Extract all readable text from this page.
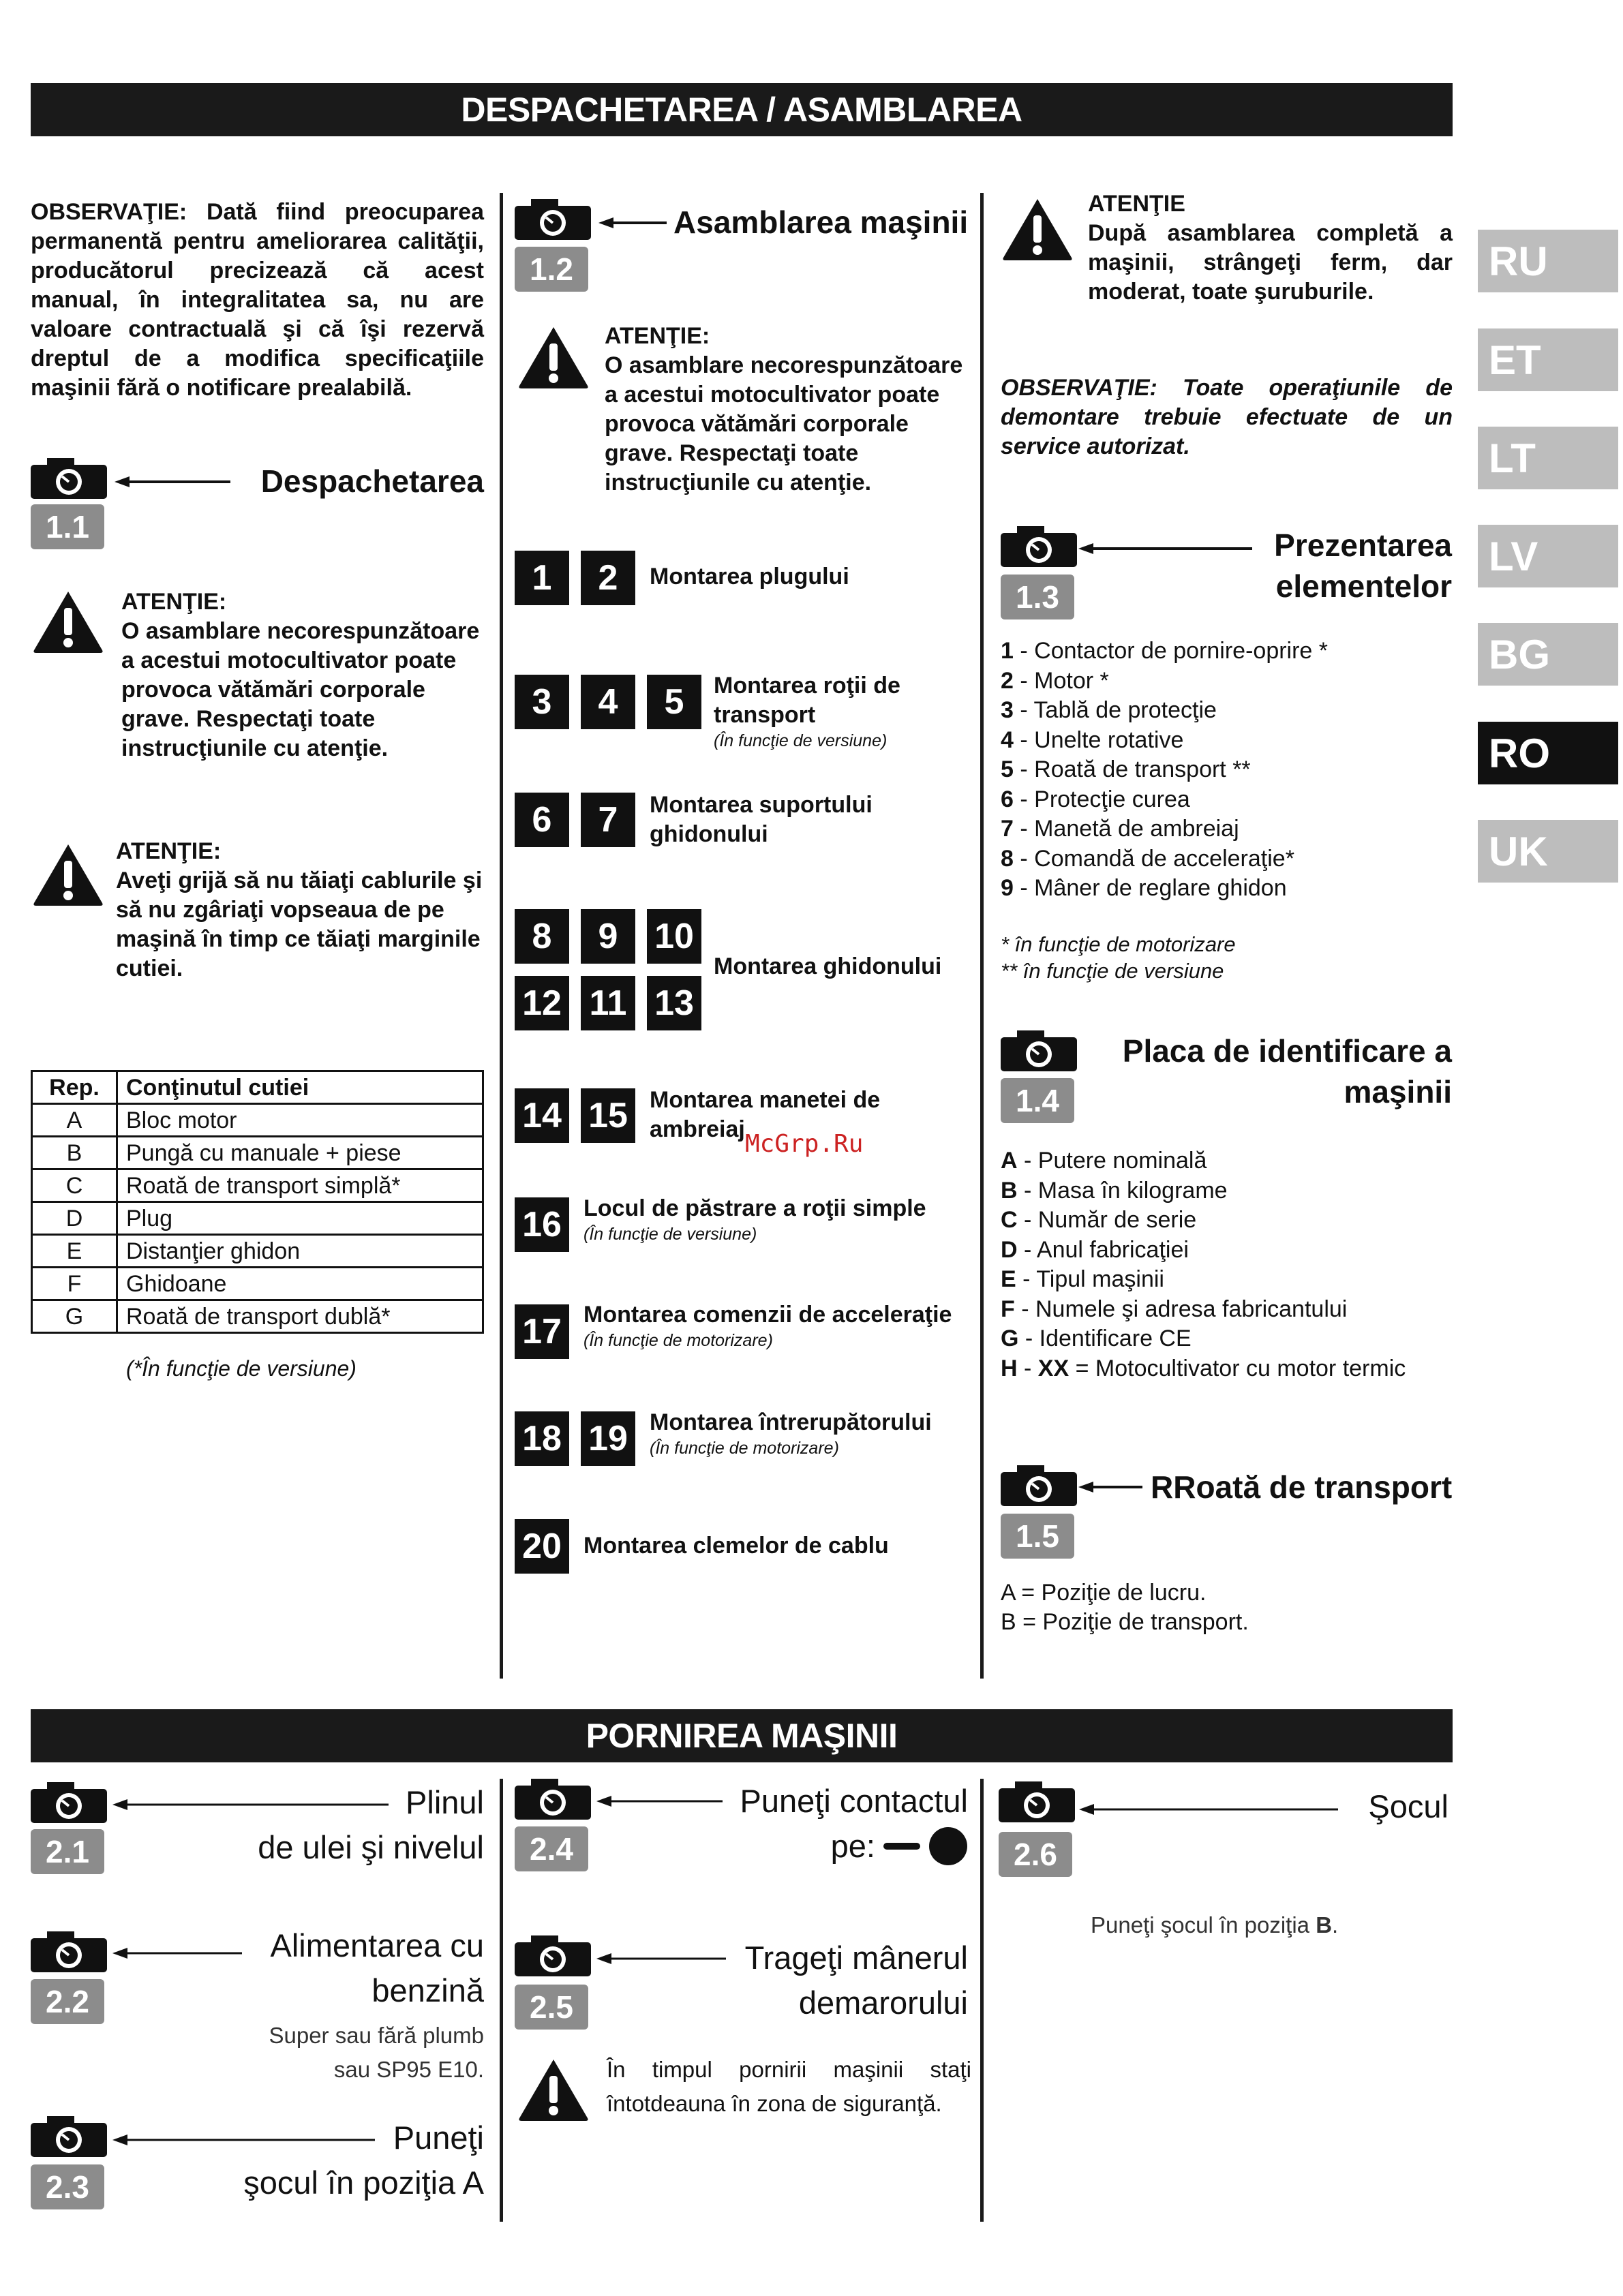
DESPACHETAREA / ASAMBLAREA
RU
ET
LT
LV
BG
RO
UK
OBSERVAŢIE: Dată fiind preocuparea permanentă pentru ameliorarea calităţii, producătorul precizează că acest manual, în integralitatea sa, nu are valoare contractuală şi că îşi rezervă dreptul de a modifica specificaţiile maşinii fără o notificare prealabilă.
1.1
Despachetarea
ATENŢIE:
O asamblare necorespunzătoare a acestui motocultivator poate provoca vătămări corporale grave. Respectaţi toate instrucţiunile cu atenţie.
ATENŢIE:
Aveţi grijă să nu tăiaţi cablurile şi să nu zgâriaţi vopseaua de pe maşină în timp ce tăiaţi marginile cutiei.
Rep.	Conţinutul cutiei
A	Bloc motor
B	Pungă cu manuale + piese
C	Roată de transport simplă*
D	Plug
E	Distanţier ghidon
F	Ghidoane
G	Roată de transport dublă*
(*În funcţie de versiune)
1.2
Asamblarea maşinii
ATENŢIE:
O asamblare necorespunzătoare a acestui motocultivator poate provoca vătămări corporale grave. Respectaţi toate instrucţiunile cu atenţie.
1	2	Montarea plugului
3	4	5	Montarea roţii de transport
(În funcţie de versiune)
6	7	Montarea suportului ghidonului
8	9	10
12 11 13
Montarea ghidonului
14 15 Montarea manetei de ambreiaj
16 Locul de păstrare a roţii simple
(În funcţie de versiune)
17 Montarea comenzii de acceleraţie
(În funcţie de motorizare)
18 19 Montarea întrerupătorului
(În funcţie de motorizare)
20 Montarea clemelor de cablu
ATENŢIE
După asamblarea completă a maşinii, strângeţi ferm, dar moderat, toate şuruburile.
OBSERVAŢIE: Toate operaţiunile de demontare trebuie efectuate de un service autorizat.
1.3
Prezentarea
elementelor
1 - Contactor de pornire-oprire *
2 - Motor *
3 - Tablă de protecţie
4 - Unelte rotative
5 - Roată de transport **
6 - Protecţie curea
7 - Manetă de ambreiaj
8 - Comandă de acceleraţie*
9 - Mâner de reglare ghidon
* în funcţie de motorizare
** în funcţie de versiune
1.4
Placa de identificare a
maşinii
A - Putere nominală
B - Masa în kilograme
C - Număr de serie
D - Anul fabricaţiei
E - Tipul maşinii
F - Numele şi adresa fabricantului
G - Identificare CE
H - XX = Motocultivator cu motor termic
1.5
RRoată de transport
A = Poziţie de lucru.
B = Poziţie de transport.
McGrp.Ru
PORNIREA MAŞINII
2.1
Plinul
de ulei şi nivelul
2.2
Alimentarea cu
benzină
Super sau fără plumb
sau SP95 E10.
2.3
Puneţi
şocul în poziţia A
2.4
Puneţi contactul
pe:
2.5
Trageţi mânerul
demarorului
În timpul pornirii maşinii staţi întotdeauna în zona de siguranţă.
2.6
Şocul
Puneţi şocul în poziţia B.
